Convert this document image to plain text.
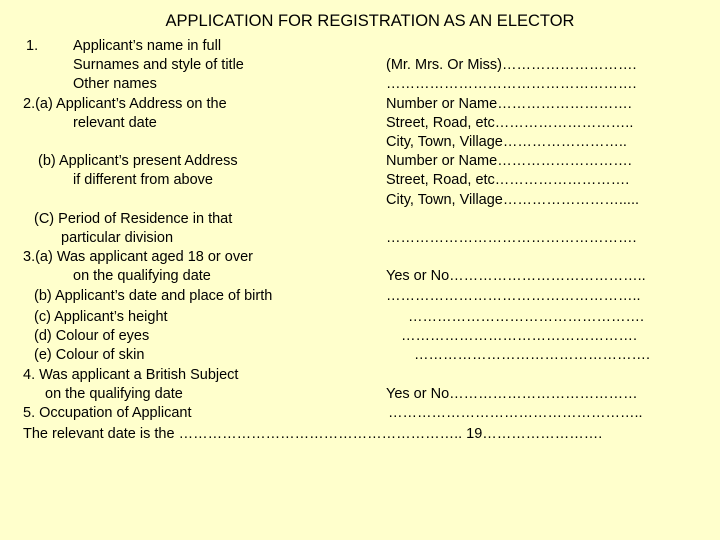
APPLICATION FOR REGISTRATION AS AN ELECTOR
1. Applicant’s name in full
Surnames and style of title
Other names
2.(a) Applicant’s Address on the
relevant date
(b) Applicant’s present Address
if different from above
(C) Period of Residence in that
particular division
3.(a) Was applicant aged 18 or over
on the qualifying date
(b) Applicant’s date and place of birth
(c) Applicant’s height
(d) Colour of eyes
(e) Colour of skin
4. Was applicant a British Subject
on the qualifying date
5. Occupation of Applicant
(Mr. Mrs. Or Miss)……………………….
…………………………………………….
Number or Name……………………….
Street, Road, etc………………………..
City, Town, Village……………………..
Number or Name……………………….
Street, Road, etc……………………….
City, Town, Village…………………….....
…………………………………………….
Yes or No…………………………………..
……………………………………………..
………………………………………….
………………………………………….
………………………………………….
Yes or No…………………………………
……………………………………………..
The relevant date is the ………………………………………………….. 19…………………….
